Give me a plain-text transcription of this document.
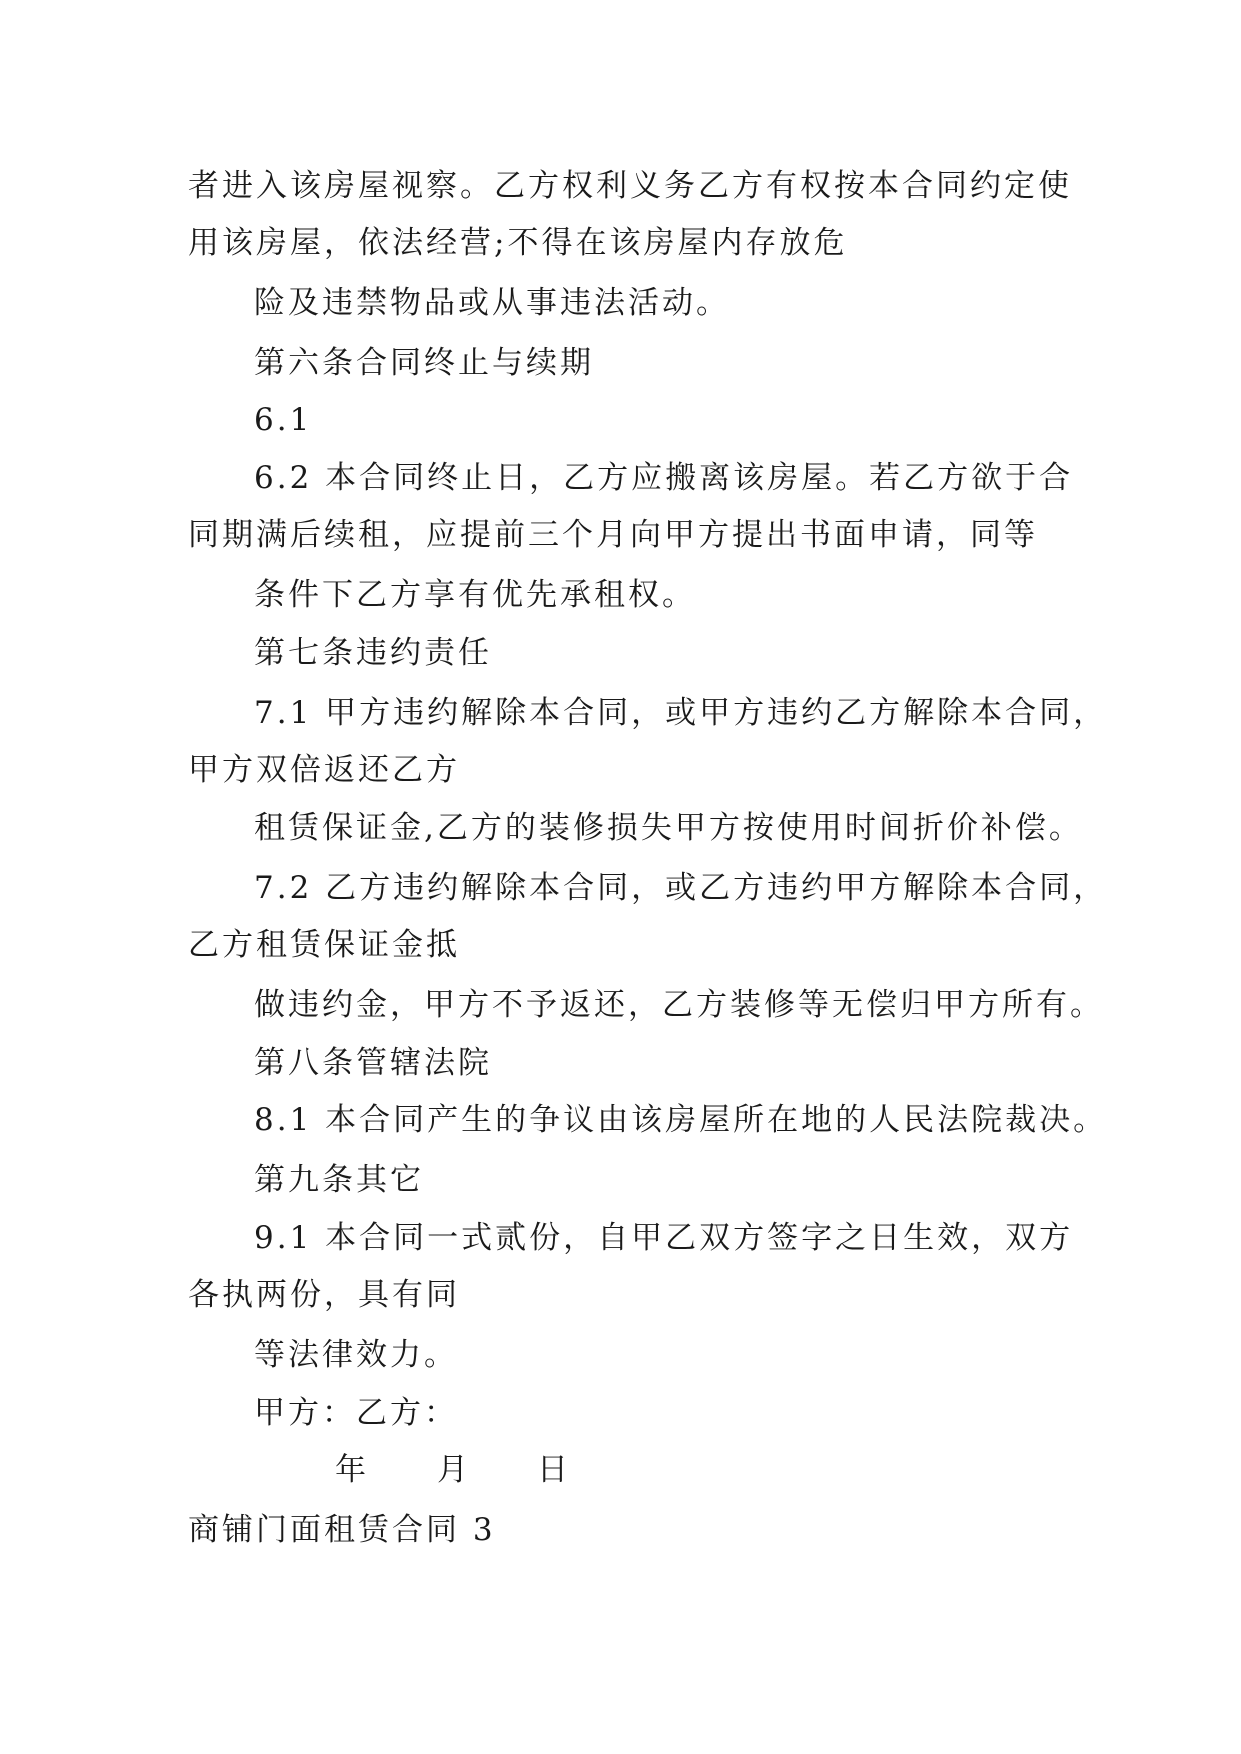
者进入该房屋视察。乙方权利义务乙方有权按本合同约定使
用该房屋，依法经营;不得在该房屋内存放危
险及违禁物品或从事违法活动。
第六条合同终止与续期
6.1
6.2 本合同终止日，乙方应搬离该房屋。若乙方欲于合
同期满后续租，应提前三个月向甲方提出书面申请，同等
条件下乙方享有优先承租权。
第七条违约责任
7.1 甲方违约解除本合同，或甲方违约乙方解除本合同，
甲方双倍返还乙方
租赁保证金,乙方的装修损失甲方按使用时间折价补偿。
7.2 乙方违约解除本合同，或乙方违约甲方解除本合同，
乙方租赁保证金抵
做违约金，甲方不予返还，乙方装修等无偿归甲方所有。
第八条管辖法院
8.1 本合同产生的争议由该房屋所在地的人民法院裁决。
第九条其它
9.1 本合同一式贰份，自甲乙双方签字之日生效，双方
各执两份，具有同
等法律效力。
甲方：乙方：
年 月 日
商铺门面租赁合同 3
